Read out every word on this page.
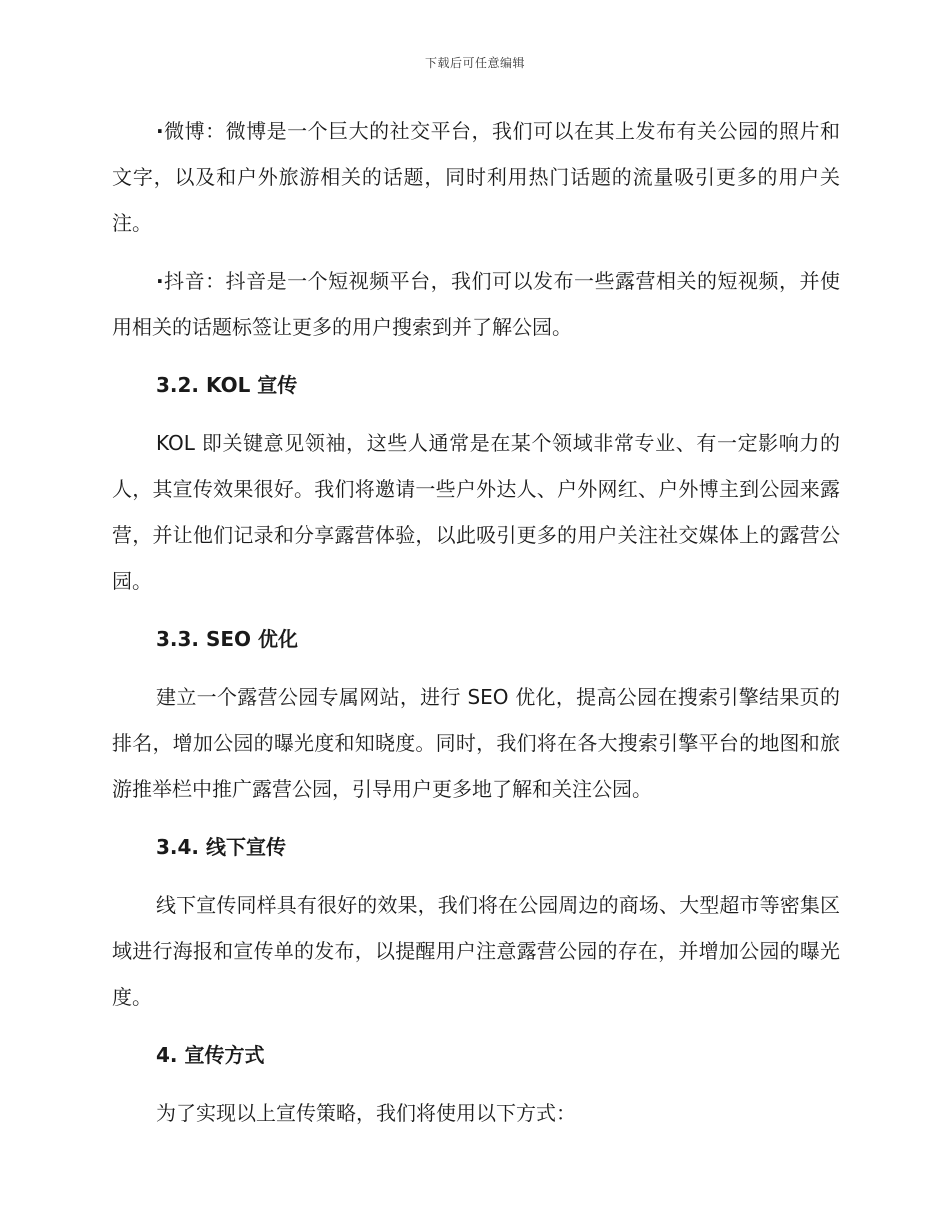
下载后可任意编辑

·微博：微博是一个巨大的社交平台，我们可以在其上发布有关公园的照片和文字，以及和户外旅游相关的话题，同时利用热门话题的流量吸引更多的用户关注。

·抖音：抖音是一个短视频平台，我们可以发布一些露营相关的短视频，并使用相关的话题标签让更多的用户搜索到并了解公园。

3.2. KOL 宣传

KOL 即关键意见领袖，这些人通常是在某个领域非常专业、有一定影响力的人，其宣传效果很好。我们将邀请一些户外达人、户外网红、户外博主到公园来露营，并让他们记录和分享露营体验，以此吸引更多的用户关注社交媒体上的露营公园。

3.3. SEO 优化

建立一个露营公园专属网站，进行 SEO 优化，提高公园在搜索引擎结果页的排名，增加公园的曝光度和知晓度。同时，我们将在各大搜索引擎平台的地图和旅游推举栏中推广露营公园，引导用户更多地了解和关注公园。

3.4. 线下宣传

线下宣传同样具有很好的效果，我们将在公园周边的商场、大型超市等密集区域进行海报和宣传单的发布，以提醒用户注意露营公园的存在，并增加公园的曝光度。

4. 宣传方式

为了实现以上宣传策略，我们将使用以下方式：
